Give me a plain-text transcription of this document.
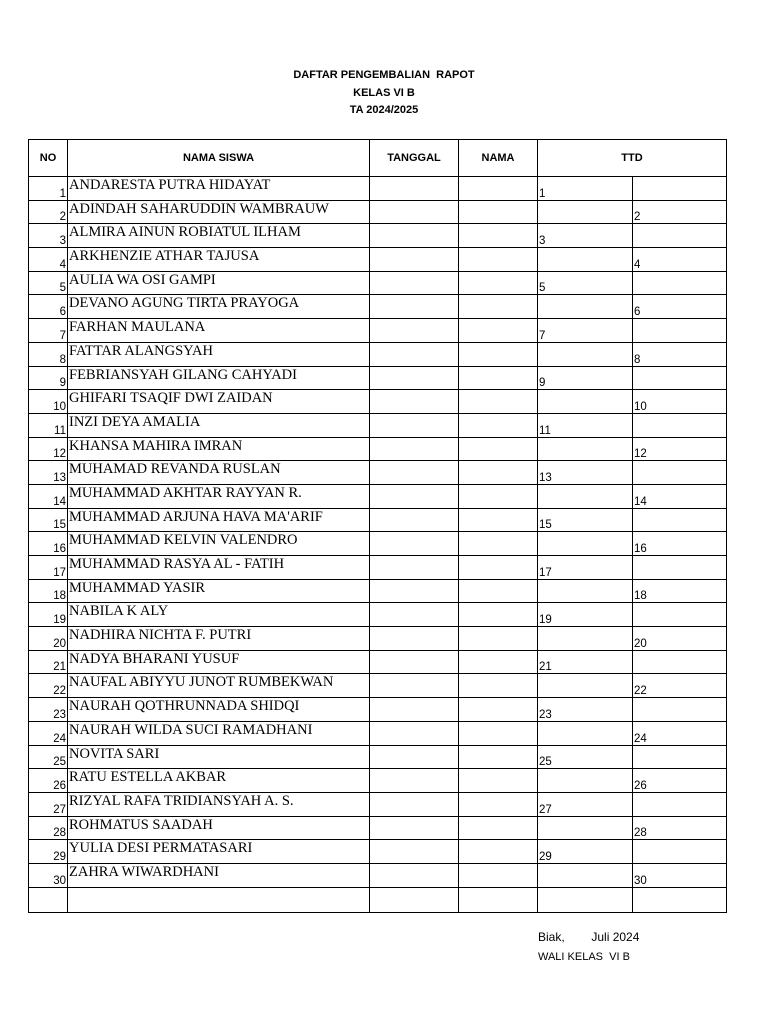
DAFTAR PENGEMBALIAN  RAPOT
KELAS VI B
TA 2024/2025
NO	NAMA SISWA	TANGGAL	NAMA	TTD	
1	ANDARESTA PUTRA HIDAYAT			1	
2	ADINDAH SAHARUDDIN WAMBRAUW				2
3	ALMIRA AINUN ROBIATUL ILHAM			3	
4	ARKHENZIE ATHAR TAJUSA				4
5	AULIA WA OSI GAMPI			5	
6	DEVANO AGUNG TIRTA PRAYOGA				6
7	FARHAN MAULANA			7	
8	FATTAR ALANGSYAH				8
9	FEBRIANSYAH GILANG CAHYADI			9	
10	GHIFARI TSAQIF DWI ZAIDAN				10
11	INZI DEYA AMALIA			11	
12	KHANSA MAHIRA IMRAN				12
13	MUHAMAD REVANDA RUSLAN			13	
14	MUHAMMAD AKHTAR RAYYAN R.				14
15	MUHAMMAD ARJUNA HAVA MA'ARIF			15	
16	MUHAMMAD KELVIN VALENDRO				16
17	MUHAMMAD RASYA AL - FATIH			17	
18	MUHAMMAD YASIR				18
19	NABILA K ALY			19	
20	NADHIRA NICHTA F. PUTRI				20
21	NADYA BHARANI YUSUF			21	
22	NAUFAL ABIYYU JUNOT RUMBEKWAN				22
23	NAURAH QOTHRUNNADA SHIDQI			23	
24	NAURAH WILDA SUCI RAMADHANI				24
25	NOVITA SARI			25	
26	RATU ESTELLA AKBAR				26
27	RIZYAL RAFA TRIDIANSYAH A. S.			27	
28	ROHMATUS SAADAH				28
29	YULIA DESI PERMATASARI			29	
30	ZAHRA WIWARDHANI				30

Biak,        Juli 2024
WALI KELAS  VI B
